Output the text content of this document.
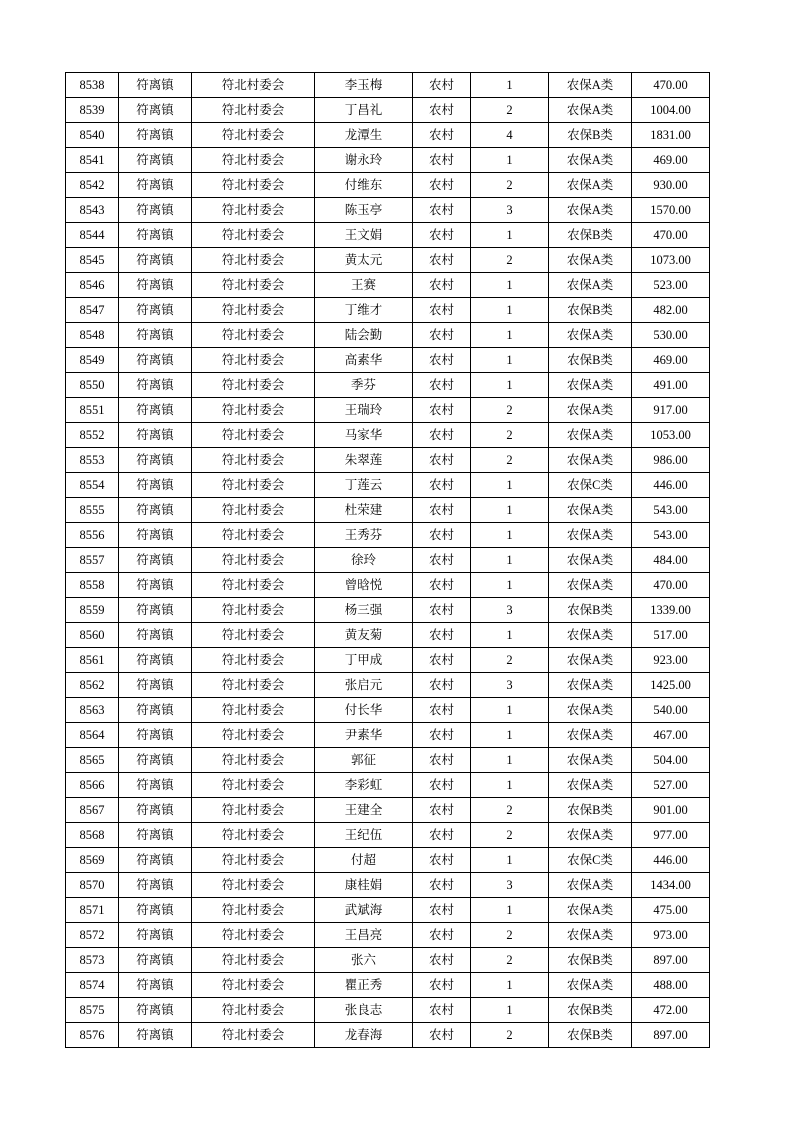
8538	符离镇	符北村委会	李玉梅	农村	1	农保A类	470.00
8539	符离镇	符北村委会	丁昌礼	农村	2	农保A类	1004.00
8540	符离镇	符北村委会	龙潭生	农村	4	农保B类	1831.00
8541	符离镇	符北村委会	谢永玲	农村	1	农保A类	469.00
8542	符离镇	符北村委会	付维东	农村	2	农保A类	930.00
8543	符离镇	符北村委会	陈玉亭	农村	3	农保A类	1570.00
8544	符离镇	符北村委会	王文娟	农村	1	农保B类	470.00
8545	符离镇	符北村委会	黄太元	农村	2	农保A类	1073.00
8546	符离镇	符北村委会	王赛	农村	1	农保A类	523.00
8547	符离镇	符北村委会	丁维才	农村	1	农保B类	482.00
8548	符离镇	符北村委会	陆会勤	农村	1	农保A类	530.00
8549	符离镇	符北村委会	高素华	农村	1	农保B类	469.00
8550	符离镇	符北村委会	季芬	农村	1	农保A类	491.00
8551	符离镇	符北村委会	王瑞玲	农村	2	农保A类	917.00
8552	符离镇	符北村委会	马家华	农村	2	农保A类	1053.00
8553	符离镇	符北村委会	朱翠莲	农村	2	农保A类	986.00
8554	符离镇	符北村委会	丁莲云	农村	1	农保C类	446.00
8555	符离镇	符北村委会	杜荣建	农村	1	农保A类	543.00
8556	符离镇	符北村委会	王秀芬	农村	1	农保A类	543.00
8557	符离镇	符北村委会	徐玲	农村	1	农保A类	484.00
8558	符离镇	符北村委会	曾晗悦	农村	1	农保A类	470.00
8559	符离镇	符北村委会	杨三强	农村	3	农保B类	1339.00
8560	符离镇	符北村委会	黄友菊	农村	1	农保A类	517.00
8561	符离镇	符北村委会	丁甲成	农村	2	农保A类	923.00
8562	符离镇	符北村委会	张启元	农村	3	农保A类	1425.00
8563	符离镇	符北村委会	付长华	农村	1	农保A类	540.00
8564	符离镇	符北村委会	尹素华	农村	1	农保A类	467.00
8565	符离镇	符北村委会	郭征	农村	1	农保A类	504.00
8566	符离镇	符北村委会	李彩虹	农村	1	农保A类	527.00
8567	符离镇	符北村委会	王建全	农村	2	农保B类	901.00
8568	符离镇	符北村委会	王纪伍	农村	2	农保A类	977.00
8569	符离镇	符北村委会	付超	农村	1	农保C类	446.00
8570	符离镇	符北村委会	康桂娟	农村	3	农保A类	1434.00
8571	符离镇	符北村委会	武斌海	农村	1	农保A类	475.00
8572	符离镇	符北村委会	王昌亮	农村	2	农保A类	973.00
8573	符离镇	符北村委会	张六	农村	2	农保B类	897.00
8574	符离镇	符北村委会	瞿正秀	农村	1	农保A类	488.00
8575	符离镇	符北村委会	张良志	农村	1	农保B类	472.00
8576	符离镇	符北村委会	龙春海	农村	2	农保B类	897.00
